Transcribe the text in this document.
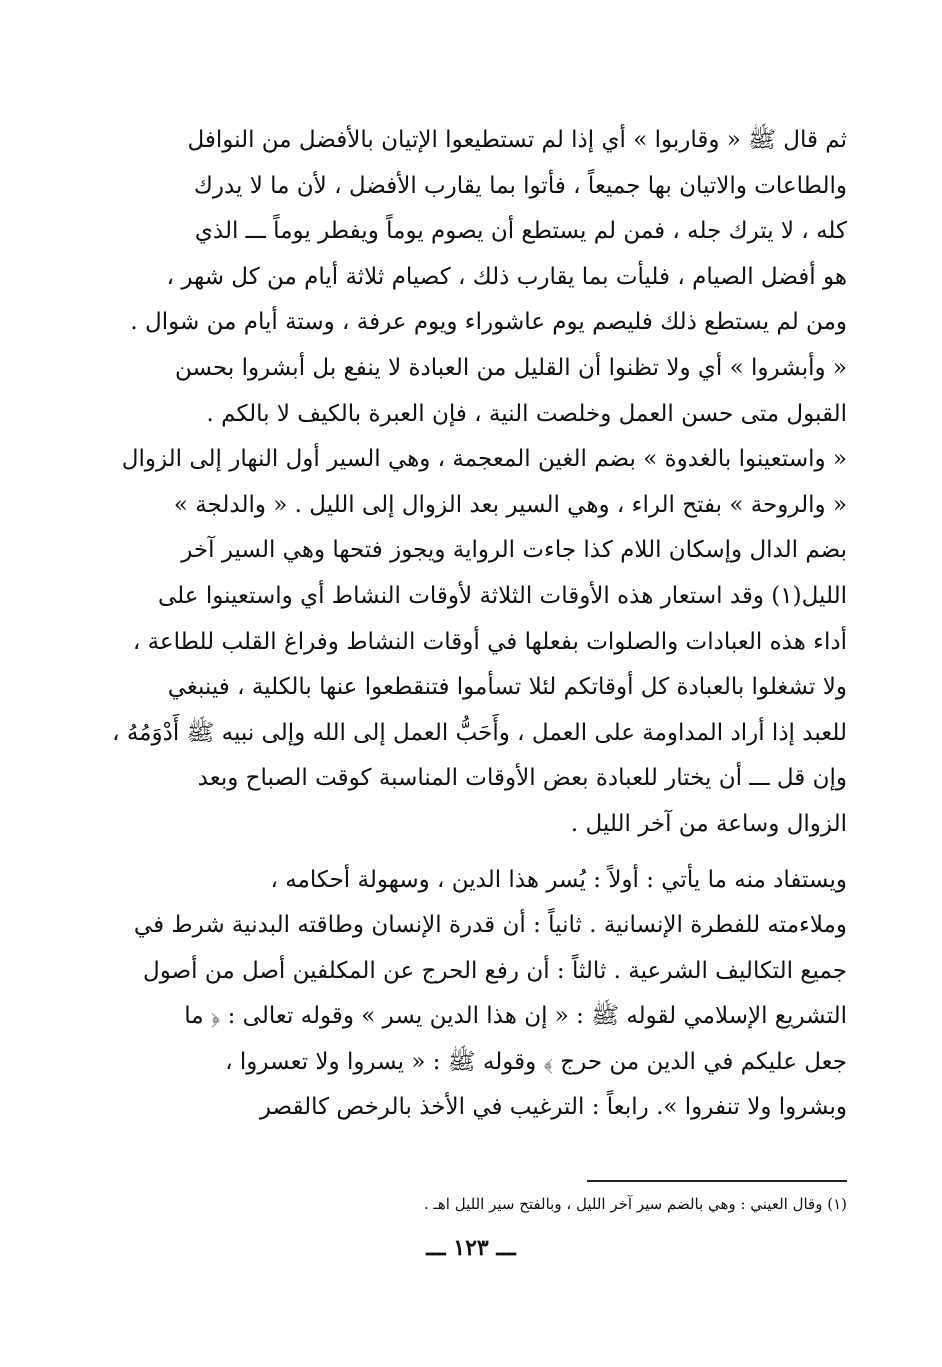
ثم قال ﷺ « وقاربوا » أي إذا لم تستطيعوا الإتيان بالأفضل من النوافل
والطاعات والاتيان بها جميعاً ، فأتوا بما يقارب الأفضل ، لأن ما لا يدرك
كله ، لا يترك جله ، فمن لم يستطع أن يصوم يوماً ويفطر يوماً ـــ الذي
هو أفضل الصيام ، فليأت بما يقارب ذلك ، كصيام ثلاثة أيام من كل شهر ،
ومن لم يستطع ذلك فليصم يوم عاشوراء ويوم عرفة ، وستة أيام من شوال .
« وأبشروا » أي ولا تظنوا أن القليل من العبادة لا ينفع بل أبشروا بحسن
القبول متى حسن العمل وخلصت النية ، فإن العبرة بالكيف لا بالكم .
« واستعينوا بالغدوة » بضم الغين المعجمة ، وهي السير أول النهار إلى الزوال
« والروحة » بفتح الراء ، وهي السير بعد الزوال إلى الليل . « والدلجة »
بضم الدال وإسكان اللام كذا جاءت الرواية ويجوز فتحها وهي السير آخر
الليل(١) وقد استعار هذه الأوقات الثلاثة لأوقات النشاط أي واستعينوا على
أداء هذه العبادات والصلوات بفعلها في أوقات النشاط وفراغ القلب للطاعة ،
ولا تشغلوا بالعبادة كل أوقاتكم لئلا تسأموا فتنقطعوا عنها بالكلية ، فينبغي
للعبد إذا أراد المداومة على العمل ، وأَحَبُّ العمل إلى الله وإلى نبيه ﷺ أَدْوَمُهُ ،
وإن قل ـــ أن يختار للعبادة بعض الأوقات المناسبة كوقت الصباح وبعد
الزوال وساعة من آخر الليل .
ويستفاد منه ما يأتي : أولاً : يُسر هذا الدين ، وسهولة أحكامه ،
وملاءمته للفطرة الإنسانية . ثانياً : أن قدرة الإنسان وطاقته البدنية شرط في
جميع التكاليف الشرعية . ثالثاً : أن رفع الحرج عن المكلفين أصل من أصول
التشريع الإسلامي لقوله ﷺ : « إن هذا الدين يسر » وقوله تعالى : ﴿ ما
جعل عليكم في الدين من حرج ﴾ وقوله ﷺ : « يسروا ولا تعسروا ،
وبشروا ولا تنفروا ». رابعاً : الترغيب في الأخذ بالرخص كالقصر
(١) وقال العيني : وهي بالضم سير آخر الليل ، وبالفتح سير الليل اهـ .
ـــ ١٢٣ ـــ
